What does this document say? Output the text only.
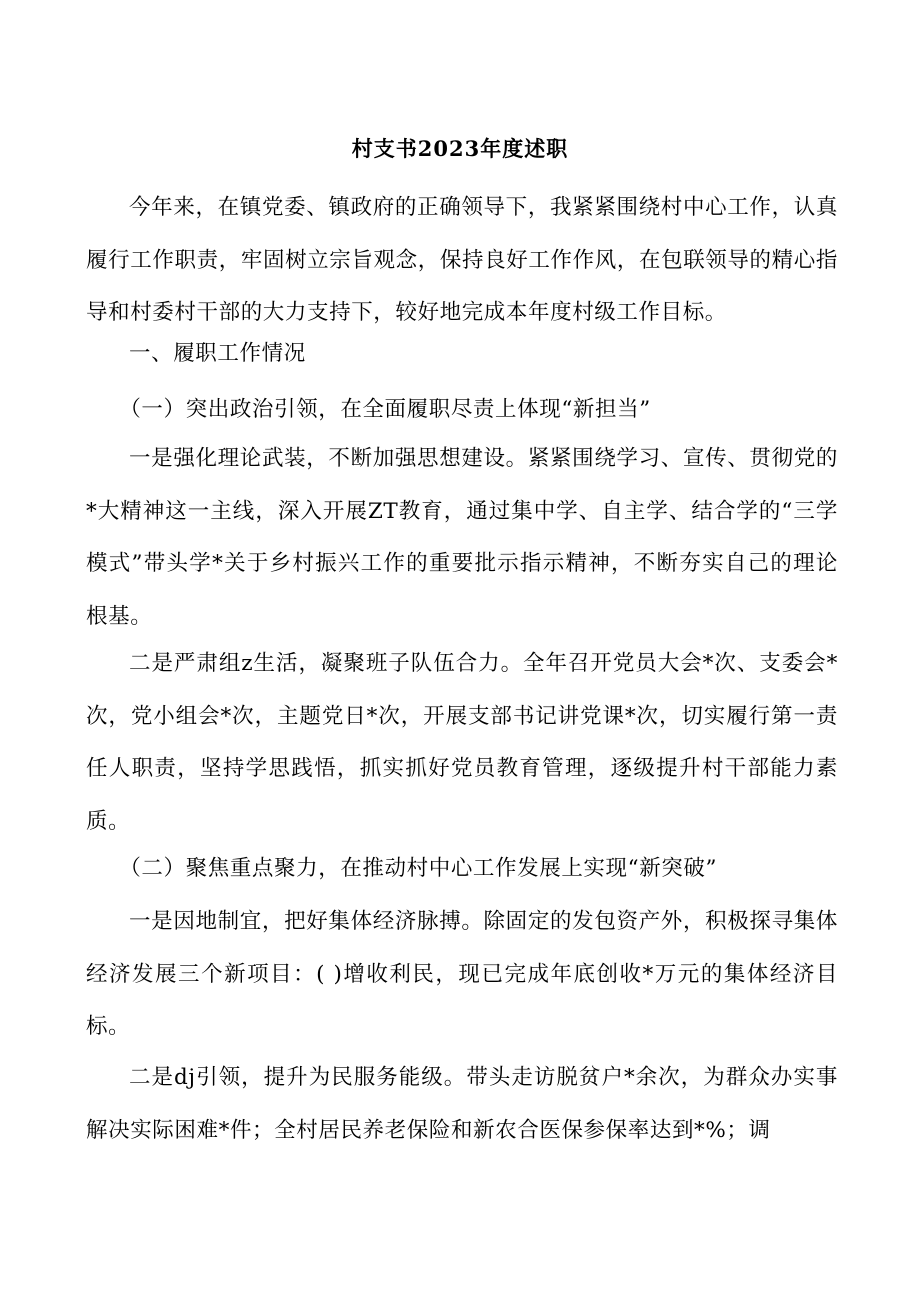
村支书2023年度述职

今年来，在镇党委、镇政府的正确领导下，我紧紧围绕村中心工作，认真履行工作职责，牢固树立宗旨观念，保持良好工作作风，在包联领导的精心指导和村委村干部的大力支持下，较好地完成本年度村级工作目标。

一、履职工作情况

（一）突出政治引领，在全面履职尽责上体现“新担当”

一是强化理论武装，不断加强思想建设。紧紧围绕学习、宣传、贯彻党的*大精神这一主线，深入开展ZT教育，通过集中学、自主学、结合学的“三学模式”带头学*关于乡村振兴工作的重要批示指示精神，不断夯实自己的理论根基。

二是严肃组z生活，凝聚班子队伍合力。全年召开党员大会*次、支委会*次，党小组会*次，主题党日*次，开展支部书记讲党课*次，切实履行第一责任人职责，坚持学思践悟，抓实抓好党员教育管理，逐级提升村干部能力素质。

（二）聚焦重点聚力，在推动村中心工作发展上实现“新突破”

一是因地制宜，把好集体经济脉搏。除固定的发包资产外，积极探寻集体经济发展三个新项目：( )增收利民，现已完成年底创收*万元的集体经济目标。

二是dj引领，提升为民服务能级。带头走访脱贫户*余次，为群众办实事解决实际困难*件；全村居民养老保险和新农合医保参保率达到*%；调
